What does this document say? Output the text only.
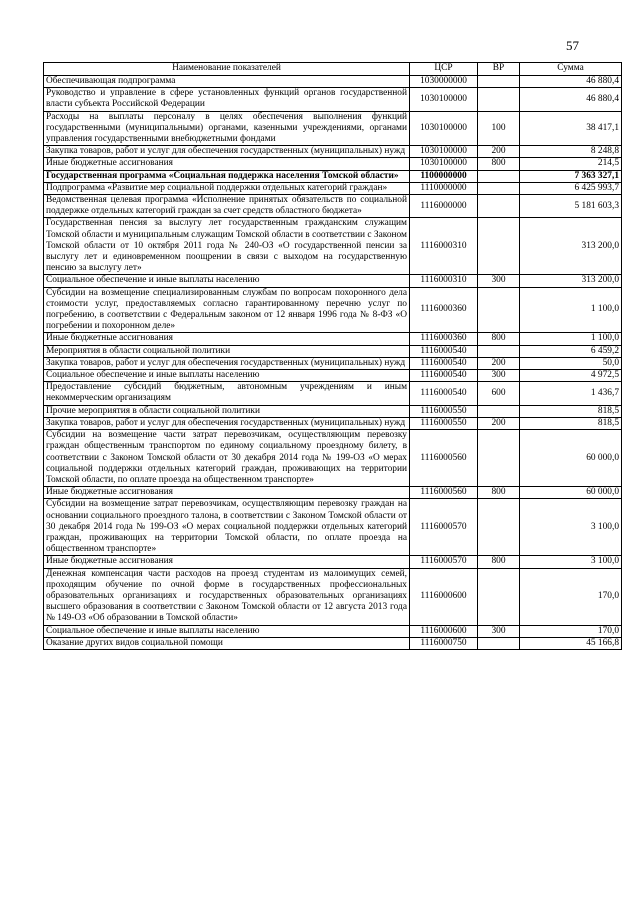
57
Наименование показателей	ЦСР	ВР	Сумма
Обеспечивающая подпрограмма	1030000000		46 880,4
Руководство и управление в сфере установленных функций органов государственной власти субъекта Российской Федерации	1030100000		46 880,4
Расходы на выплаты персоналу в целях обеспечения выполнения функций государственными (муниципальными) органами, казенными учреждениями, органами управления государственными внебюджетными фондами	1030100000	100	38 417,1
Закупка товаров, работ и услуг для обеспечения государственных (муниципальных) нужд	1030100000	200	8 248,8
Иные бюджетные ассигнования	1030100000	800	214,5
Государственная программа «Социальная поддержка населения Томской области»	1100000000		7 363 327,1
Подпрограмма «Развитие мер социальной поддержки отдельных категорий граждан»	1110000000		6 425 993,7
Ведомственная целевая программа «Исполнение принятых обязательств по социальной поддержке отдельных категорий граждан за счет средств областного бюджета»	1116000000		5 181 603,3
Государственная пенсия за выслугу лет государственным гражданским служащим Томской области и муниципальным служащим Томской области в соответствии с Законом Томской области от 10 октября 2011 года № 240-ОЗ «О государственной пенсии за выслугу лет и единовременном поощрении в связи с выходом на государственную пенсию за выслугу лет»	1116000310		313 200,0
Социальное обеспечение и иные выплаты населению	1116000310	300	313 200,0
Субсидии на возмещение специализированным службам по вопросам похоронного дела стоимости услуг, предоставляемых согласно гарантированному перечню услуг по погребению, в соответствии с Федеральным законом от 12 января 1996 года № 8-ФЗ «О погребении и похоронном деле»	1116000360		1 100,0
Иные бюджетные ассигнования	1116000360	800	1 100,0
Мероприятия в области социальной политики	1116000540		6 459,2
Закупка товаров, работ и услуг для обеспечения государственных (муниципальных) нужд	1116000540	200	50,0
Социальное обеспечение и иные выплаты населению	1116000540	300	4 972,5
Предоставление субсидий бюджетным, автономным учреждениям и иным некоммерческим организациям	1116000540	600	1 436,7
Прочие мероприятия в области социальной политики	1116000550		818,5
Закупка товаров, работ и услуг для обеспечения государственных (муниципальных) нужд	1116000550	200	818,5
Субсидии на возмещение части затрат перевозчикам, осуществляющим перевозку граждан общественным транспортом по единому социальному проездному билету, в соответствии с Законом Томской области от 30 декабря 2014 года № 199-ОЗ «О мерах социальной поддержки отдельных категорий граждан, проживающих на территории Томской области, по оплате проезда на общественном транспорте»	1116000560		60 000,0
Иные бюджетные ассигнования	1116000560	800	60 000,0
Субсидии на возмещение затрат перевозчикам, осуществляющим перевозку граждан на основании социального проездного талона, в соответствии с Законом Томской области от 30 декабря 2014 года № 199-ОЗ «О мерах социальной поддержки отдельных категорий граждан, проживающих на территории Томской области, по оплате проезда на общественном транспорте»	1116000570		3 100,0
Иные бюджетные ассигнования	1116000570	800	3 100,0
Денежная компенсация части расходов на проезд студентам из малоимущих семей, проходящим обучение по очной форме в государственных профессиональных образовательных организациях и государственных образовательных организациях высшего образования в соответствии с Законом Томской области от 12 августа 2013 года № 149-ОЗ «Об образовании в Томской области»	1116000600		170,0
Социальное обеспечение и иные выплаты населению	1116000600	300	170,0
Оказание других видов социальной помощи	1116000750		45 166,8
